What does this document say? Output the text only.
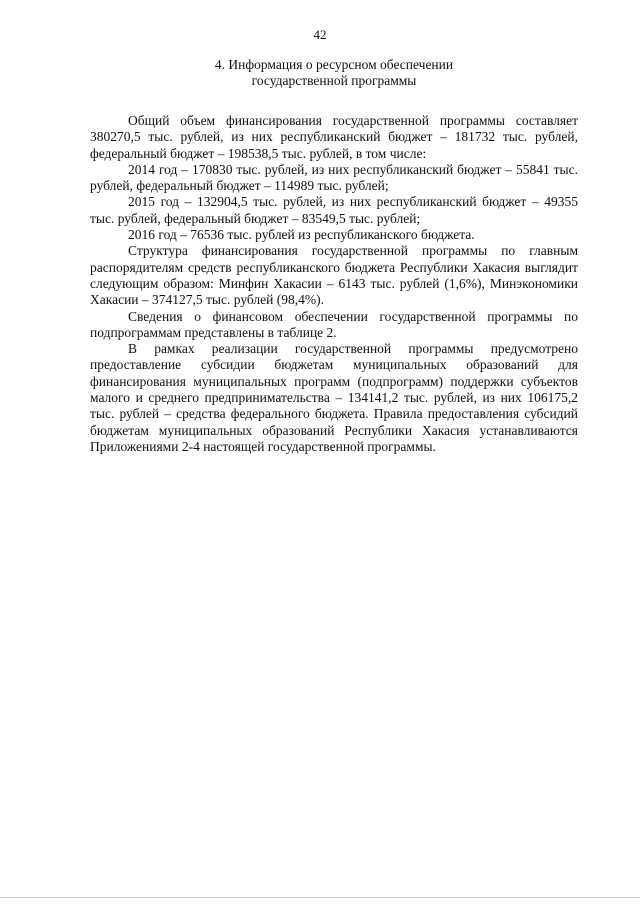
42
4. Информация о ресурсном обеспечении
государственной программы

Общий объем финансирования государственной программы составляет 380270,5 тыс. рублей, из них республиканский бюджет – 181732 тыс. рублей, федеральный бюджет – 198538,5 тыс. рублей, в том числе:

2014 год – 170830 тыс. рублей, из них республиканский бюджет – 55841 тыс. рублей, федеральный бюджет – 114989 тыс. рублей;

2015 год – 132904,5 тыс. рублей, из них республиканский бюджет – 49355 тыс. рублей, федеральный бюджет – 83549,5 тыс. рублей;

2016 год – 76536 тыс. рублей из республиканского бюджета.

Структура финансирования государственной программы по главным распорядителям средств республиканского бюджета Республики Хакасия выглядит следующим образом: Минфин Хакасии – 6143 тыс. рублей (1,6%), Минэкономики Хакасии – 374127,5 тыс. рублей (98,4%).

Сведения о финансовом обеспечении государственной программы по подпрограммам представлены в таблице 2.

В рамках реализации государственной программы предусмотрено предоставление субсидии бюджетам муниципальных образований для финансирования муниципальных программ (подпрограмм) поддержки субъектов малого и среднего предпринимательства – 134141,2 тыс. рублей, из них 106175,2 тыс. рублей – средства федерального бюджета. Правила предоставления субсидий бюджетам муниципальных образований Республики Хакасия устанавливаются Приложениями 2-4 настоящей государственной программы.
